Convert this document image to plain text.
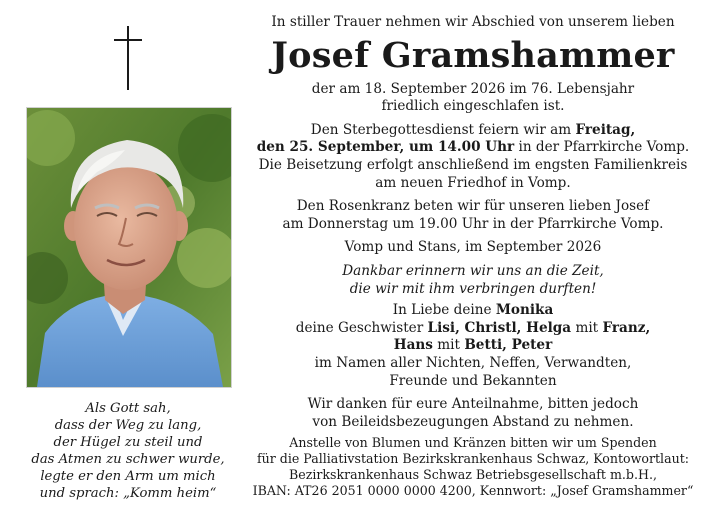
Als Gott sah,
dass der Weg zu lang,
der Hügel zu steil und
das Atmen zu schwer wurde,
legte er den Arm um mich
und sprach: „Komm heim“
In stiller Trauer nehmen wir Abschied von unserem lieben
Josef Gramshammer
der am 18. September 2026 im 76. Lebensjahr
friedlich eingeschlafen ist.
Den Sterbegottesdienst feiern wir am Freitag,
den 25. September, um 14.00 Uhr in der Pfarrkirche Vomp.
Die Beisetzung erfolgt anschließend im engsten Familienkreis
am neuen Friedhof in Vomp.
Den Rosenkranz beten wir für unseren lieben Josef
am Donnerstag um 19.00 Uhr in der Pfarrkirche Vomp.
Vomp und Stans, im September 2026
Dankbar erinnern wir uns an die Zeit,
die wir mit ihm verbringen durften!
In Liebe deine Monika
deine Geschwister Lisi, Christl, Helga mit Franz,
Hans mit Betti, Peter
im Namen aller Nichten, Neffen, Verwandten,
Freunde und Bekannten
Wir danken für eure Anteilnahme, bitten jedoch
von Beileidsbezeugungen Abstand zu nehmen.
Anstelle von Blumen und Kränzen bitten wir um Spenden
für die Palliativstation Bezirkskrankenhaus Schwaz, Kontowortlaut:
Bezirkskrankenhaus Schwaz Betriebsgesellschaft m.b.H.,
IBAN: AT26 2051 0000 0000 4200, Kennwort: „Josef Gramshammer“
